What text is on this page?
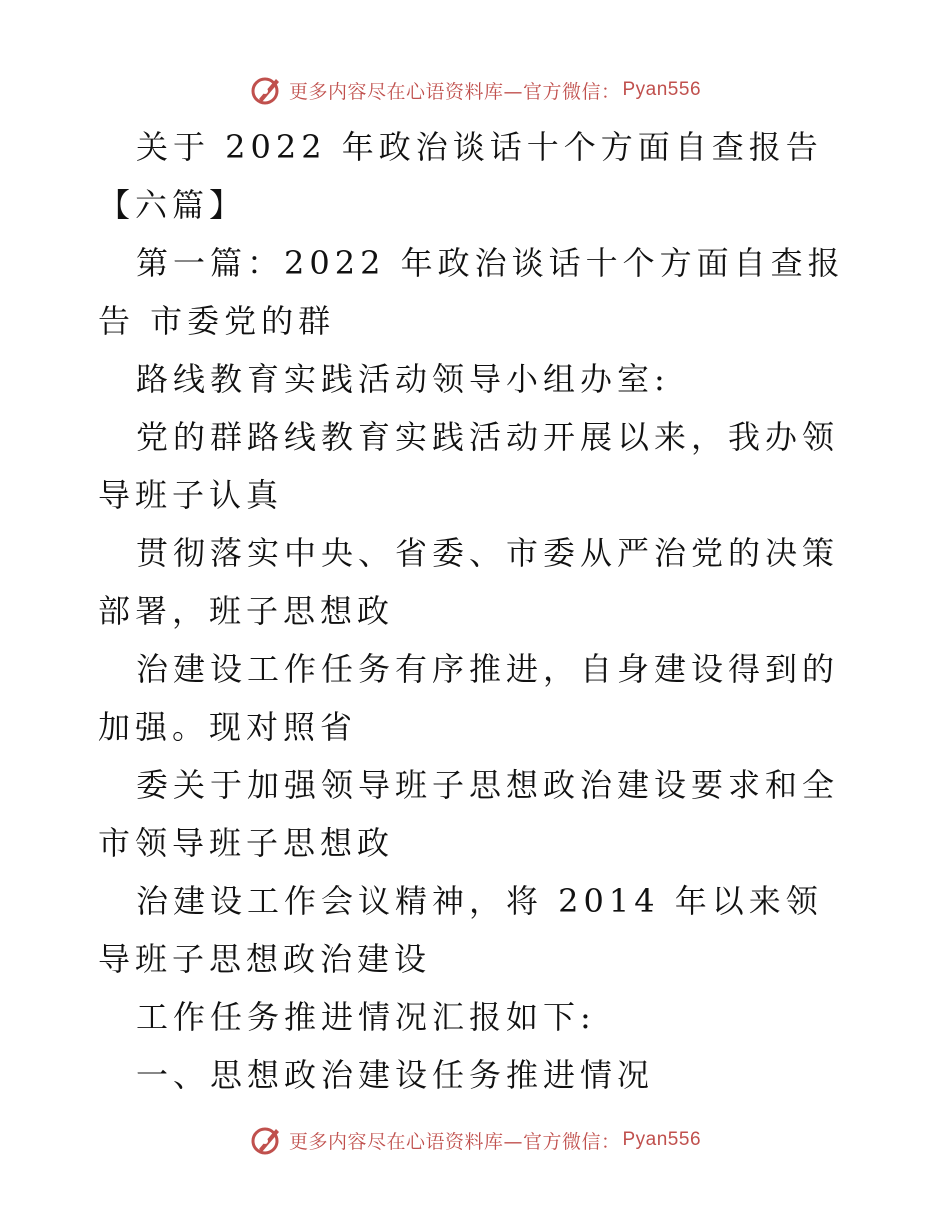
更多内容尽在心语资料库—官方微信： Pyan556

关于 2022 年政治谈话十个方面自查报告【六篇】

第一篇：2022 年政治谈话十个方面自查报告 市委党的群

路线教育实践活动领导小组办室:

党的群路线教育实践活动开展以来，我办领导班子认真

贯彻落实中央、省委、市委从严治党的决策部署，班子思想政

治建设工作任务有序推进，自身建设得到的加强。现对照省

委关于加强领导班子思想政治建设要求和全市领导班子思想政

治建设工作会议精神，将 2014 年以来领导班子思想政治建设

工作任务推进情况汇报如下:

一、思想政治建设任务推进情况

更多内容尽在心语资料库—官方微信： Pyan556
